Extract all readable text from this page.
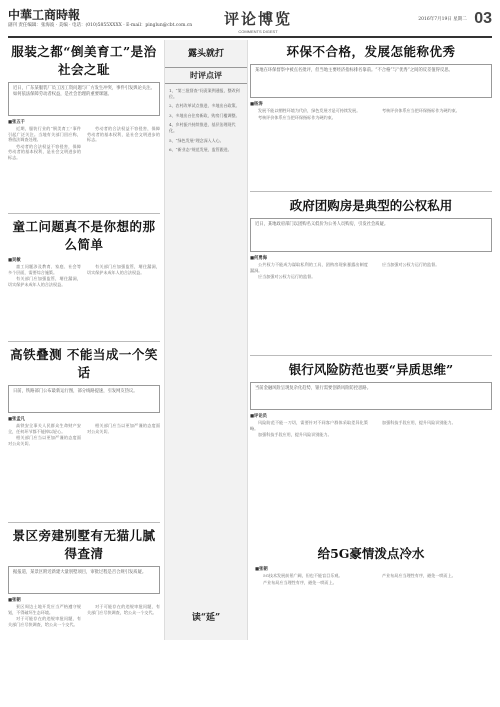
中華工商時報
副刊 责任编辑：张海波 · 美编 · 电话：(010)5855XXXX · E-mail：pinglun@cbt.com.cn	评论博览
COMMENTS DIGEST
2016年7月19日 星期二 03
服装之都“倒美育工”是治社会之耻
近日，广东某服装厂员工因工资问题与厂方发生冲突，事件引发舆论关注。如何依法保障劳动者权益，是社会治理的重要课题。
■张五千

近期，服装行业的“倒美育工”事件引起广泛关注。当地有关部门回应称，将依法调查处理。

劳动者的合法权益不容侵害，保障劳动者的基本权利，是社会文明进步的标志。

劳动者的合法权益不容侵害，保障劳动者的基本权利，是社会文明进步的标志。

童工问题真不是你想的那么简单
■吴敏

童工问题涉及教育、家庭、社会等多个层面，需要综合施策。

有关部门应加强监管，堵住漏洞，切实保护未成年人的合法权益。

有关部门应加强监管，堵住漏洞，切实保护未成年人的合法权益。

高铁叠测 不能当成一个笑话
日前，铁路部门公布最新运行图，部分线路提速，引发网友热议。
■张孟凡

高铁安全事关人民群众生命财产安全，任何环节都不能掉以轻心。

相关部门应当以更加严谨的态度面对公众关切。

相关部门应当以更加严谨的态度面对公众关切。

景区旁建别墅有无猫儿腻得查清
据报道，某景区附近新建大量别墅项目，审批过程是否合规引发质疑。
■张朝

景区周边土地开发应当严格遵守规划，不得破坏生态环境。

对于可能存在的违规审批问题，有关部门应尽快调查，给公众一个交代。

对于可能存在的违规审批问题，有关部门应尽快调查，给公众一个交代。

露头就打
时评点评
1、“第三批督查”问责案例通报，整改到位。
2、农村改革试点推进，多地出台政策。
3、多地出台住房新政，购房门槛调整。
4、乡村振兴持续推进，基层治理现代化。
5、“绿色发展”理念深入人心。
6、“新业态”规范发展，监管跟进。
读“延”
环保不合格，发展怎能称优秀
某地在环保督察中被点名批评，但当地主要经济指标排名靠前。“不合格”与“优秀”之间的反差值得反思。
■杨涛

发展不能以牺牲环境为代价，绿色发展才是可持续发展。

考核评价体系应当把环保指标作为硬约束。

考核评价体系应当把环保指标作为硬约束。

政府团购房是典型的公权私用
近日，某地政府部门以团购名义低价为公务人员购房，引发社会质疑。
■何勇海

公共权力不能成为谋取私利的工具，团购房现象暴露出制度漏洞。

应当加强对公权力运行的监督。

应当加强对公权力运行的监督。

银行风险防范也要“异质思维”
当前金融风险呈现复杂化趋势，银行需要创新风险防控思路。
■评论员

风险防范不能一刀切，需要针对不同客户群体采取差异化策略。

加强科技手段应用，提升风险识别能力。

加强科技手段应用，提升风险识别能力。

给5G豪情泼点冷水
■张朝

5G技术发展前景广阔，但也不能盲目乐观。

产业布局应当理性有序，避免一哄而上。

产业布局应当理性有序，避免一哄而上。
